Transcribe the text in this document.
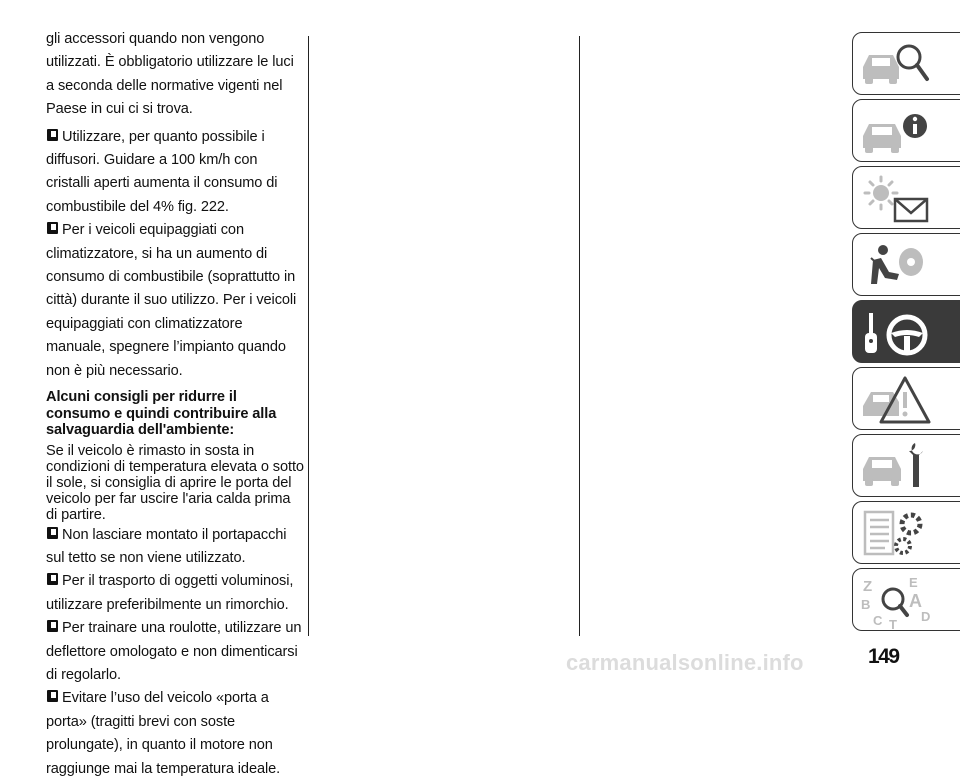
gli accessori quando non vengono utilizzati. È obbligatorio utilizzare le luci a seconda delle normative vigenti nel Paese in cui ci si trova.

Utilizzare, per quanto possibile i diffusori. Guidare a 100 km/h con cristalli aperti aumenta il consumo di combustibile del 4% fig. 222.

Per i veicoli equipaggiati con climatizzatore, si ha un aumento di consumo di combustibile (soprattutto in città) durante il suo utilizzo. Per i veicoli equipaggiati con climatizzatore manuale, spegnere l’impianto quando non è più necessario.

Alcuni consigli per ridurre il consumo e quindi contribuire alla salvaguardia dell'ambiente:

Se il veicolo è rimasto in sosta in condizioni di temperatura elevata o sotto il sole, si consiglia di aprire le porta del veicolo per far uscire l'aria calda prima di partire.

Non lasciare montato il portapacchi sul tetto se non viene utilizzato.

Per il trasporto di oggetti voluminosi, utilizzare preferibilmente un rimorchio.

Per trainare una roulotte, utilizzare un deflettore omologato e non dimenticarsi di regolarlo.

Evitare l’uso del veicolo «porta a porta» (tragitti brevi con soste prolungate), in quanto il motore non raggiunge mai la temperatura ideale.

Z	E
B A
C	D
T
carmanualsonline.info	149
